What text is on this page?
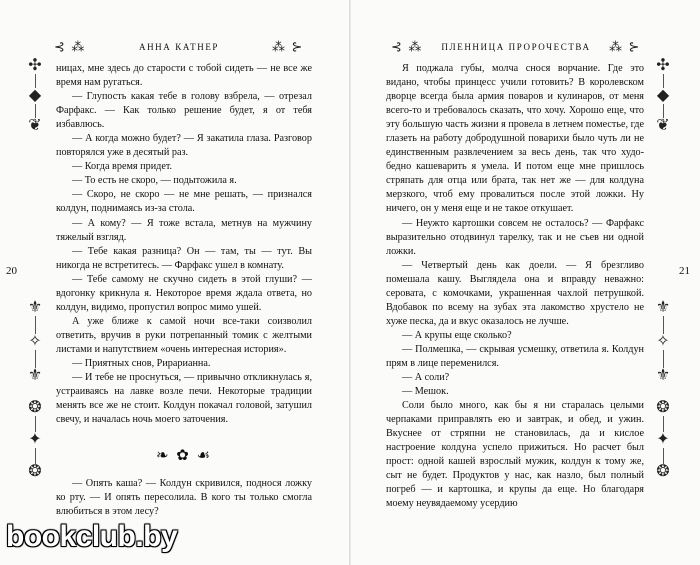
⊰ ⁂	АННА КАТНЕР	⁂ ⊱
✣
◆
❦
20
⚜
✧
⚜
❂
✦
❂

ницах, мне здесь до старости с тобой сидеть — не все же время нам ругаться.

— Глупость какая тебе в голову взбрела, — отрезал Фарфакс. — Кaк только решение будет, я от тебя избавлюсь.

— А когда можно будет? — Я закатила глаза. Разговор повторялся уже в десятый раз.

— Когда время придет.

— То есть не скоро, — подытожила я.

— Скоро, не скоро — не мне решать, — признался колдун, поднимаясь из-за стола.

— А кому? — Я тоже встала, метнув на мужчину тяжелый взгляд.

— Тебе какая разница? Он — там, ты — тут. Вы никогда не встретитесь. — Фарфакс ушел в комнату.

— Тебе самому не скучно сидеть в этой глуши? — вдогонку крикнула я. Некоторое время ждала ответа, но колдун, видимо, пропустил вопрос мимо ушей.

А уже ближе к самой ночи все-таки соизволил ответить, вручив в руки потрепанный томик с желтыми листами и напутствием «очень интересная история».

— Приятных снов, Рирарианна.

— И тебе не проснуться, — привычно откликнулась я, устраиваясь на лавке возле печи. Некоторые традиции менять все же не стоит. Колдун покачал головой, затушил свечу, и началась ночь моего заточения.

❧ ✿ ☙

— Опять каша? — Колдун скривился, поднося ложку ко рту. — И опять пересолила. В кого ты только смогла влюбиться в этом лесу?

⊰ ⁂ ПЛЕННИЦА ПРОРОЧЕСТВА ⁂ ⊱
✣
◆
❦
21
⚜
✧
⚜
❂
✦
❂

Я поджала губы, молча снося ворчание. Где это видано, чтобы принцесс учили готовить? В королевском дворце всегда была армия поваров и кулинаров, от меня всего-то и требовалось сказать, что хочу. Хорошо еще, что эту большую часть жизни я провела в летнем поместье, где глазеть на работу добродушной поварихи было чуть ли не единственным развлечением за весь день, так что худо-бедно кашеварить я умела. И потом еще мне пришлось стряпать для отца или брата, так нет же — для колдуна мерзкого, чтоб ему провалиться после этой ложки. Ну ничего, он у меня еще и не такое откушает.

— Неужто картошки совсем не осталось? — Фарфакс выразительно отодвинул тарелку, так и не съев ни одной ложки.

— Четвертый день как доели. — Я брезгливо помешала кашу. Выглядела она и вправду неважно: серовата, с комочками, украшенная чахлой петрушкой. Вдобавок по всему на зубах эта лакомство хрустело не хуже песка, да и вкус оказалось не лучше.

— А крупы еще сколько?

— Полмешка, — скрывая усмешку, ответила я. Колдун прям в лице переменился.

— А соли?

— Мешок.

Соли было много, как бы я ни старалась целыми черпаками приправлять ею и завтрак, и обед, и ужин. Вкуснее от стряпни не становилась, да и кислое настроение колдуна успело прижиться. Но расчет был прост: одной кашей взрослый мужик, колдун к тому же, сыт не будет. Продуктов у нас, как назло, был полный погреб — и картошка, и крупы да еще. Но благодаря моему неувядаемому усердию

bookclub.by
